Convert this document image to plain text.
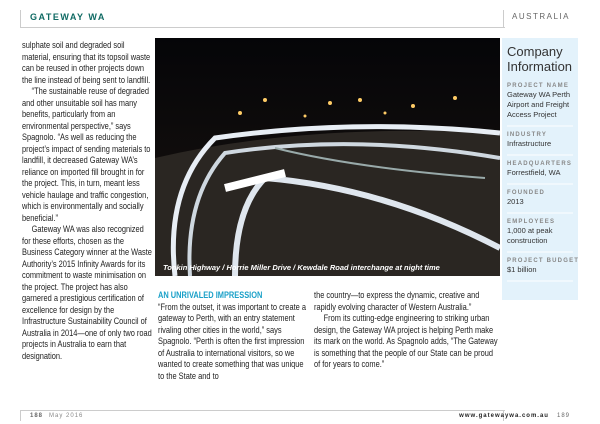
GATEWAY WA	AUSTRALIA

sulphate soil and degraded soil material, ensuring that its topsoil waste can be reused in other projects down the line instead of being sent to landfill.

“The sustainable reuse of degraded and other unsuitable soil has many benefits, particularly from an environmental perspective,” says Spagnolo. “As well as reducing the project’s impact of sending materials to landfill, it decreased Gateway WA’s reliance on imported fill brought in for the project. This, in turn, meant less vehicle haulage and traffic congestion, which is environmentally and socially beneficial.”

Gateway WA was also recognized for these efforts, chosen as the Business Category winner at the Waste Authority’s 2015 Infinity Awards for its commitment to waste minimisation on the project. The project has also garnered a prestigious certification of excellence for design by the Infrastructure Sustainability Council of Australia in 2014—one of only two road projects in Australia to earn that designation.

Tonkin Highway / Horrie Miller Drive / Kewdale Road interchange at night time

AN UNRIVALED IMPRESSION

“From the outset, it was important to create a gateway to Perth, with an entry statement rivaling other cities in the world,” says Spagnolo. “Perth is often the first impression of Australia to international visitors, so we wanted to create something that was unique to the State and to

the country—to express the dynamic, creative and rapidly evolving character of Western Australia.”

From its cutting-edge engineering to striking urban design, the Gateway WA project is helping Perth make its mark on the world. As Spagnolo adds, “The Gateway is something that the people of our State can be proud of for years to come.”

Company Information
PROJECT NAME
Gateway WA Perth Airport and Freight Access Project
INDUSTRY
Infrastructure
HEADQUARTERS
Forrestfield, WA
FOUNDED
2013
EMPLOYEES
1,000 at peak construction
PROJECT BUDGET
$1 billion
188 May 2016	www.gatewaywa.com.au 189
